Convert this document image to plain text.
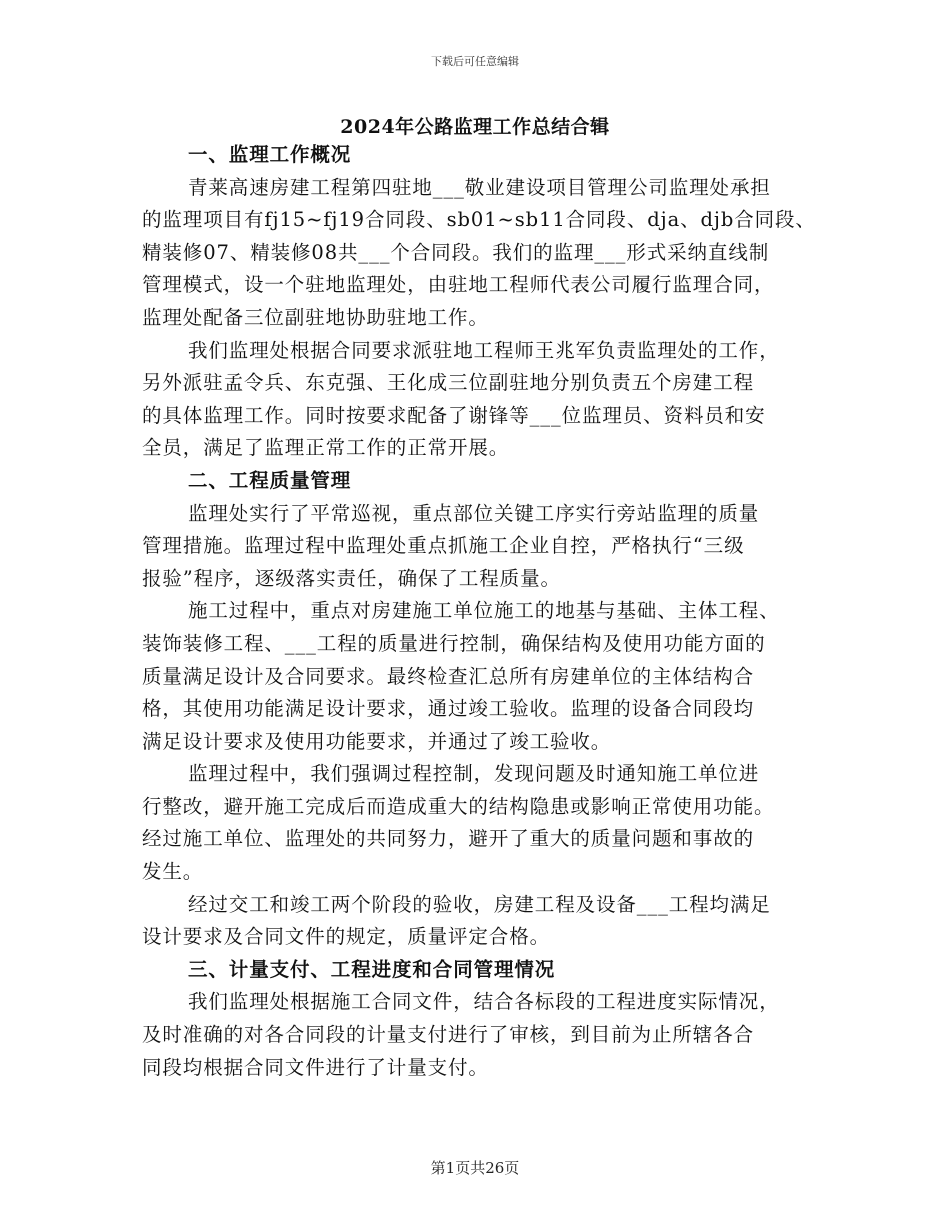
下载后可任意编辑
2024年公路监理工作总结合辑
一、监理工作概况
青莱高速房建工程第四驻地___敬业建设项目管理公司监理处承担
的监理项目有fj15~fj19合同段、sb01~sb11合同段、dja、djb合同段、
精装修07、精装修08共___个合同段。我们的监理___形式采纳直线制
管理模式，设一个驻地监理处，由驻地工程师代表公司履行监理合同，
监理处配备三位副驻地协助驻地工作。
我们监理处根据合同要求派驻地工程师王兆军负责监理处的工作，
另外派驻孟令兵、东克强、王化成三位副驻地分别负责五个房建工程
的具体监理工作。同时按要求配备了谢锋等___位监理员、资料员和安
全员，满足了监理正常工作的正常开展。
二、工程质量管理
监理处实行了平常巡视，重点部位关键工序实行旁站监理的质量
管理措施。监理过程中监理处重点抓施工企业自控，严格执行“三级
报验”程序，逐级落实责任，确保了工程质量。
施工过程中，重点对房建施工单位施工的地基与基础、主体工程、
装饰装修工程、___工程的质量进行控制，确保结构及使用功能方面的
质量满足设计及合同要求。最终检查汇总所有房建单位的主体结构合
格，其使用功能满足设计要求，通过竣工验收。监理的设备合同段均
满足设计要求及使用功能要求，并通过了竣工验收。
监理过程中，我们强调过程控制，发现问题及时通知施工单位进
行整改，避开施工完成后而造成重大的结构隐患或影响正常使用功能。
经过施工单位、监理处的共同努力，避开了重大的质量问题和事故的
发生。
经过交工和竣工两个阶段的验收，房建工程及设备___工程均满足
设计要求及合同文件的规定，质量评定合格。
三、计量支付、工程进度和合同管理情况
我们监理处根据施工合同文件，结合各标段的工程进度实际情况，
及时准确的对各合同段的计量支付进行了审核，到目前为止所辖各合
同段均根据合同文件进行了计量支付。
第1页共26页
